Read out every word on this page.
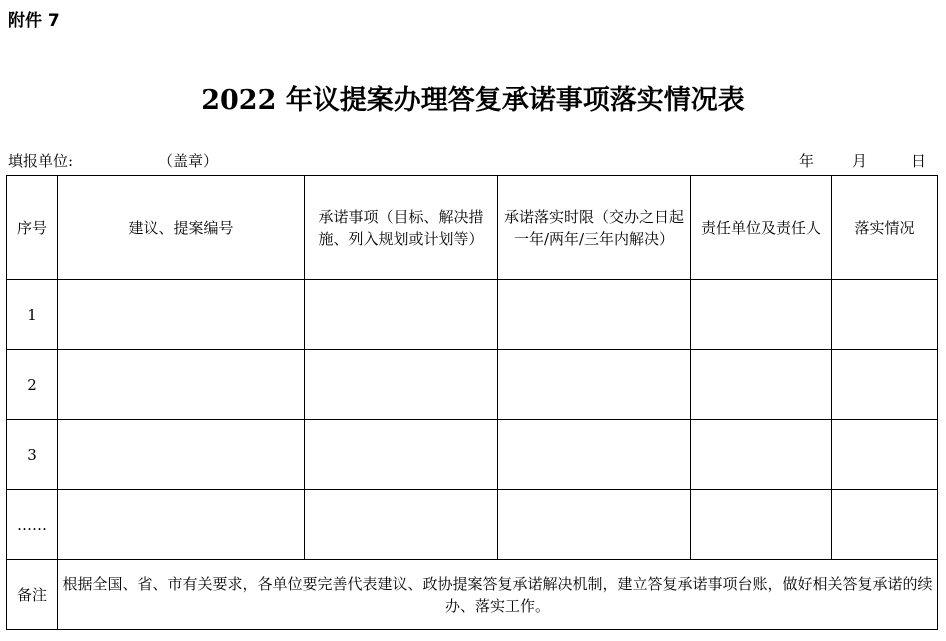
附件 7
2022 年议提案办理答复承诺事项落实情况表
填报单位:	（盖章）	年	月	日
序号	建议、提案编号	承诺事项（目标、解决措施、列入规划或计划等）	承诺落实时限（交办之日起一年/两年/三年内解决）	责任单位及责任人	落实情况
1					
2					
3					
……					
备注	根据全国、省、市有关要求，各单位要完善代表建议、政协提案答复承诺解决机制，建立答复承诺事项台账，做好相关答复承诺的续办、落实工作。				
